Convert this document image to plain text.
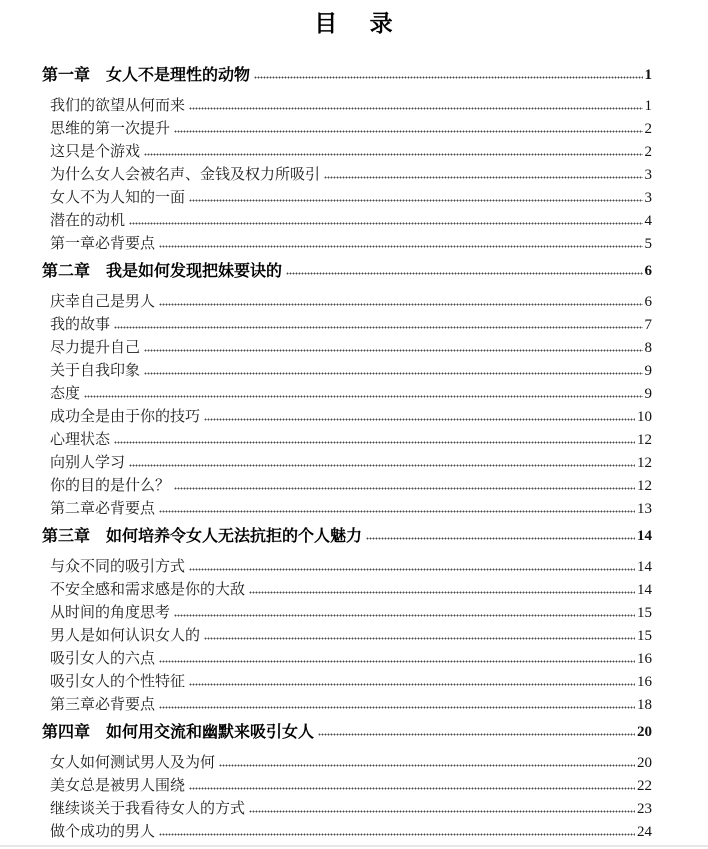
目 录
第一章 女人不是理性的动物	1
我们的欲望从何而来	1
思维的第一次提升	2
这只是个游戏	2
为什么女人会被名声、金钱及权力所吸引	3
女人不为人知的一面	3
潜在的动机	4
第一章必背要点	5
第二章 我是如何发现把妹要诀的	6
庆幸自己是男人	6
我的故事	7
尽力提升自己	8
关于自我印象	9
态度	9
成功全是由于你的技巧	10
心理状态	12
向别人学习	12
你的目的是什么？	12
第二章必背要点	13
第三章 如何培养令女人无法抗拒的个人魅力	14
与众不同的吸引方式	14
不安全感和需求感是你的大敌	14
从时间的角度思考	15
男人是如何认识女人的	15
吸引女人的六点	16
吸引女人的个性特征	16
第三章必背要点	18
第四章 如何用交流和幽默来吸引女人	20
女人如何测试男人及为何	20
美女总是被男人围绕	22
继续谈关于我看待女人的方式	23
做个成功的男人	24
